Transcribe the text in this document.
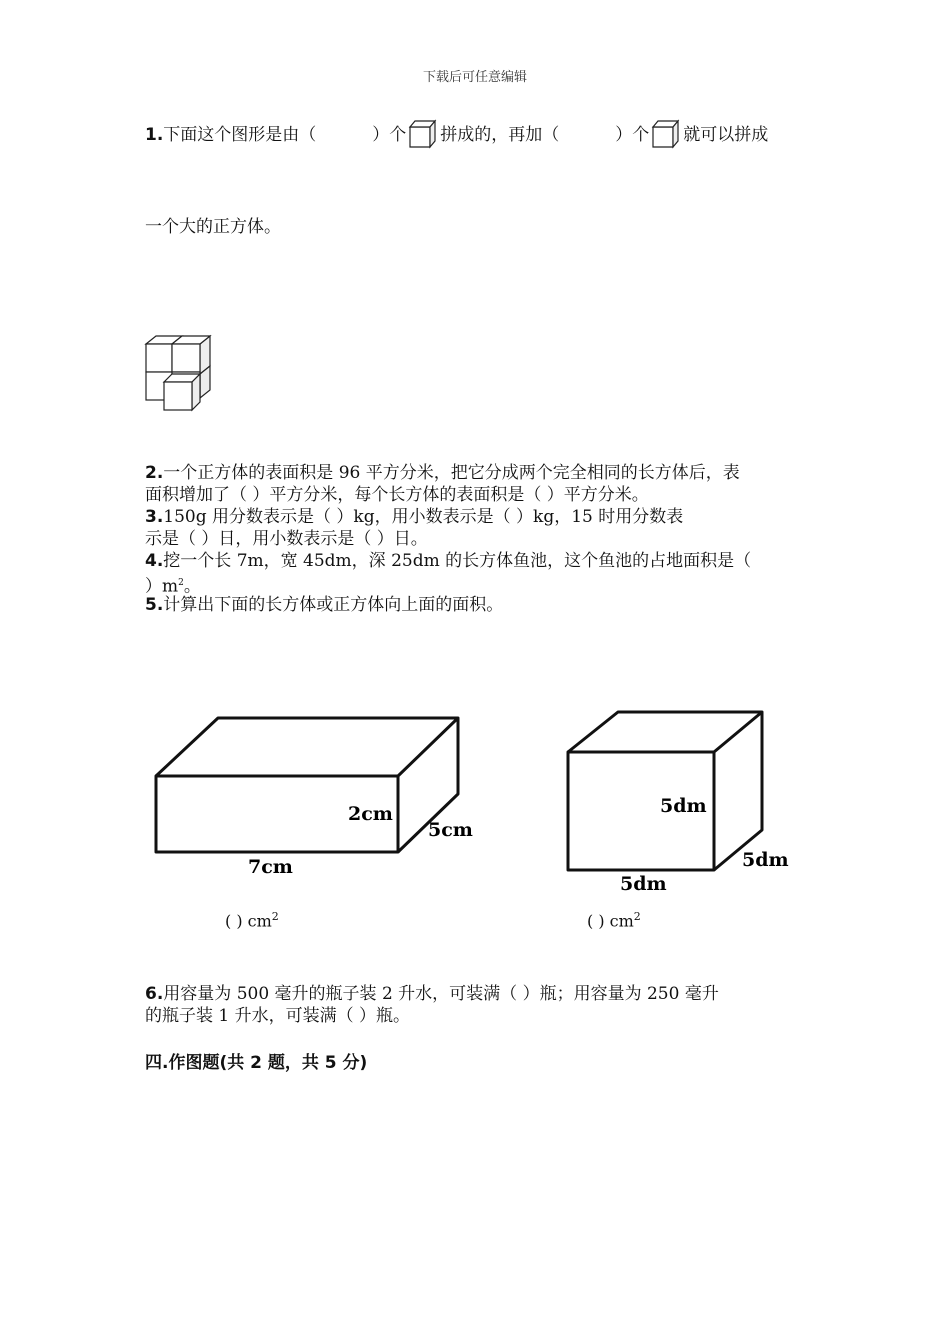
下载后可任意编辑
1.下面这个图形是由（	）个 拼成的，再加（	）个 就可以拼成
一个大的正方体。
2.一个正方体的表面积是 96 平方分米，把它分成两个完全相同的长方体后，表
面积增加了（ ）平方分米，每个长方体的表面积是（ ）平方分米。
3.150g 用分数表示是（ ）kg，用小数表示是（ ）kg，15 时用分数表
示是（ ）日，用小数表示是（ ）日。
4.挖一个长 7m，宽 45dm，深 25dm 的长方体鱼池，这个鱼池的占地面积是（
）$m^2$。
5.计算出下面的长方体或正方体向上面的面积。
2cm
5cm
7cm
5dm
5dm
5dm
( ) $cm^2$	( ) $cm^2$
6.用容量为 500 毫升的瓶子装 2 升水，可装满（ ）瓶；用容量为 250 毫升
的瓶子装 1 升水，可装满（ ）瓶。
四.作图题(共 2 题，共 5 分)
